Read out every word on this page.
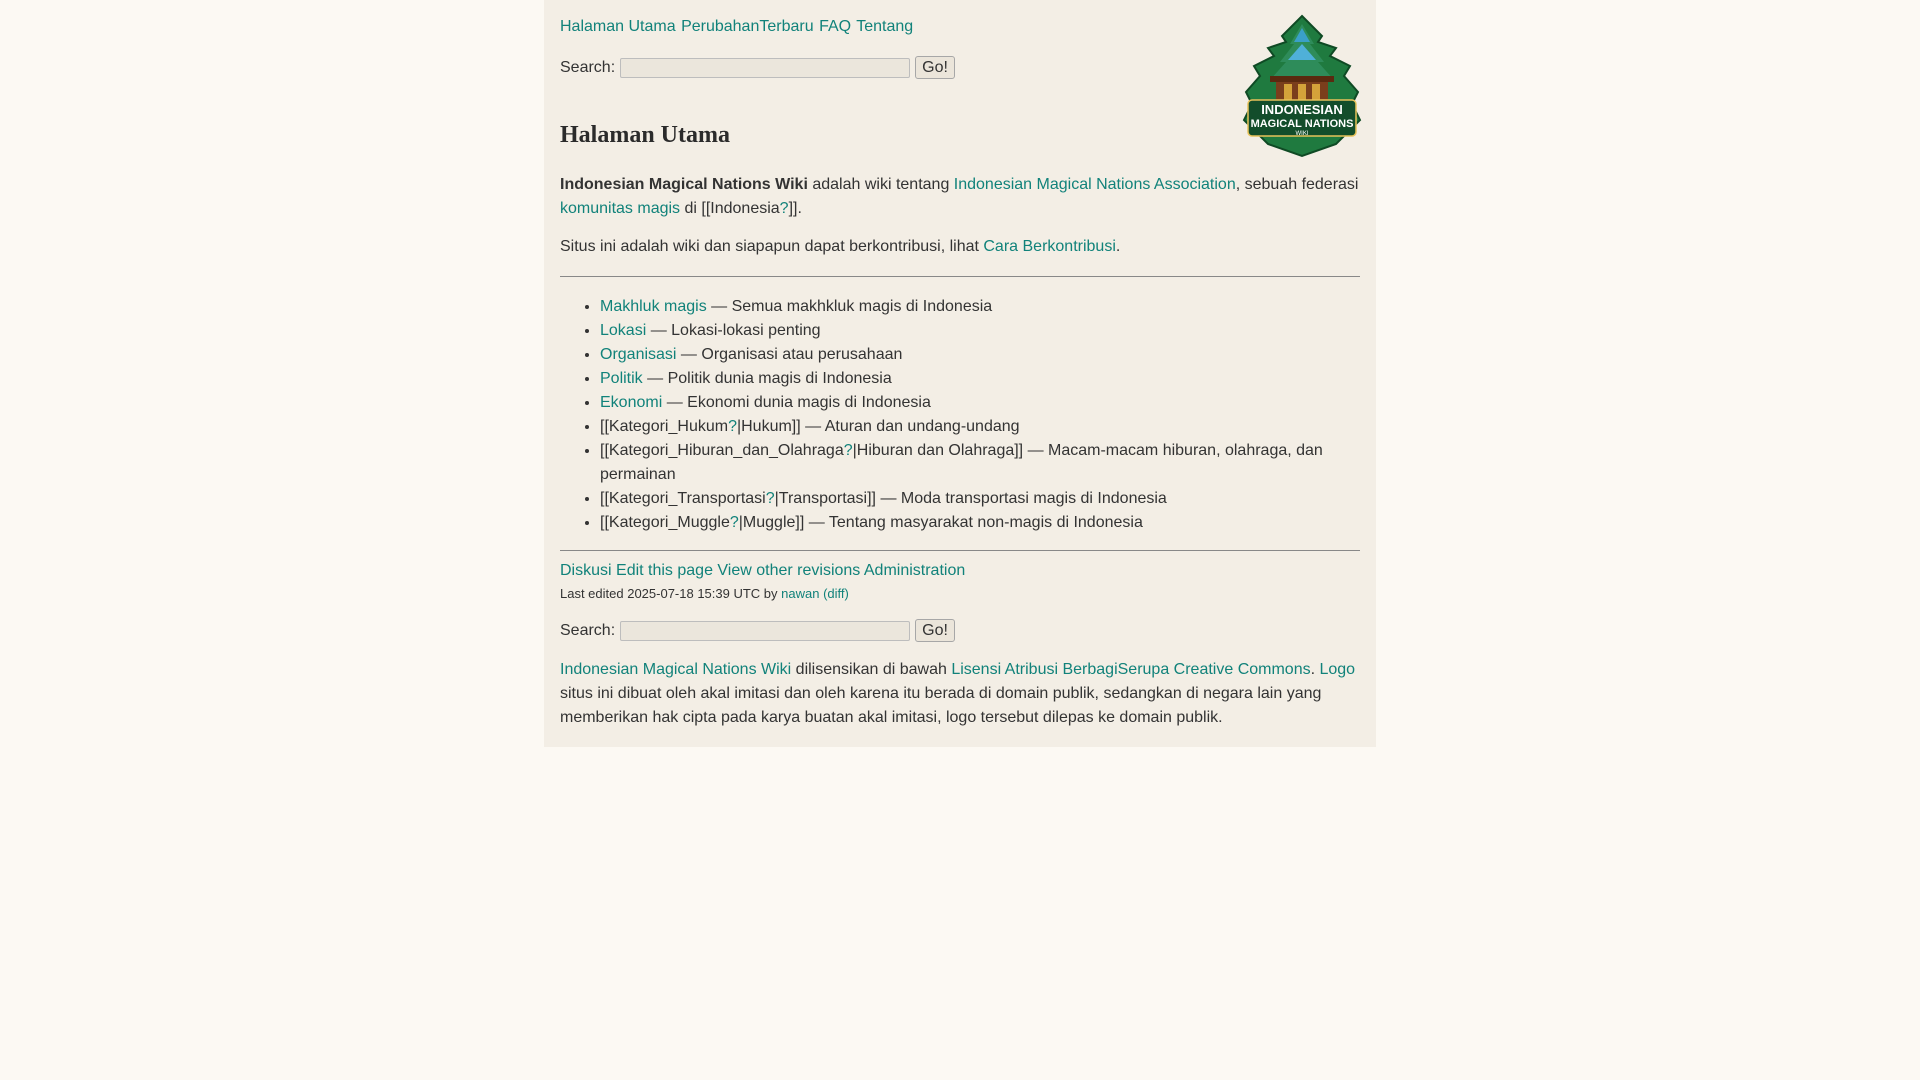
Halaman Utama PerubahanTerbaru FAQ Tentang
Search:	Go!
INDONESIAN
MAGICAL NATIONS
WIKI
Halaman Utama

Indonesian Magical Nations Wiki adalah wiki tentang Indonesian Magical Nations Association, sebuah federasi komunitas magis di [[Indonesia?]].

Situs ini adalah wiki dan siapapun dapat berkontribusi, lihat Cara Berkontribusi.

• Makhluk magis — Semua makhkluk magis di Indonesia
• Lokasi — Lokasi-lokasi penting
• Organisasi — Organisasi atau perusahaan
• Politik — Politik dunia magis di Indonesia
• Ekonomi — Ekonomi dunia magis di Indonesia
• [[Kategori_Hukum?|Hukum]] — Aturan dan undang-undang
• [[Kategori_Hiburan_dan_Olahraga?|Hiburan dan Olahraga]] — Macam-macam hiburan, olahraga, dan permainan
• [[Kategori_Transportasi?|Transportasi]] — Moda transportasi magis di Indonesia
• [[Kategori_Muggle?|Muggle]] — Tentang masyarakat non-magis di Indonesia
Diskusi Edit this page View other revisions Administration
Last edited 2025-07-18 15:39 UTC by nawan (diff)
Search:	Go!

Indonesian Magical Nations Wiki dilisensikan di bawah Lisensi Atribusi BerbagiSerupa Creative Commons. Logo situs ini dibuat oleh akal imitasi dan oleh karena itu berada di domain publik, sedangkan di negara lain yang memberikan hak cipta pada karya buatan akal imitasi, logo tersebut dilepas ke domain publik.
